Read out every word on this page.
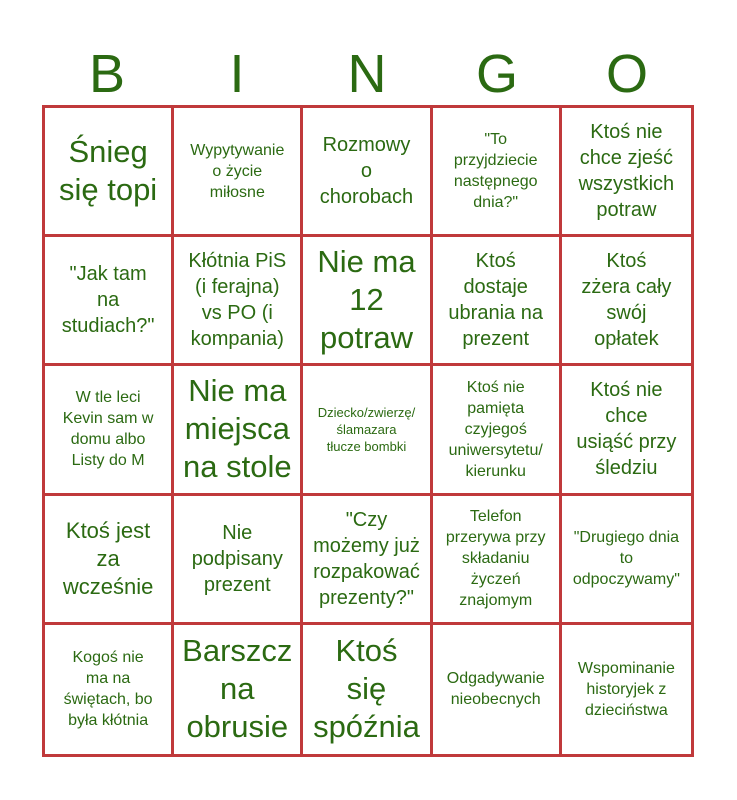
B	I	N	G	O
Śnieg
się topi
Wypytywanie
o życie
miłosne
Rozmowy
o
chorobach
"To
przyjdziecie
następnego
dnia?"
Ktoś nie
chce zjeść
wszystkich
potraw
"Jak tam
na
studiach?"
Kłótnia PiS
(i ferajna)
vs PO (i
kompania)
Nie ma
12
potraw
Ktoś
dostaje
ubrania na
prezent
Ktoś
zżera cały
swój
opłatek
W tle leci
Kevin sam w
domu albo
Listy do M
Nie ma
miejsca
na stole
Dziecko/zwierzę/
ślamazara
tłucze bombki
Ktoś nie
pamięta
czyjegoś
uniwersytetu/
kierunku
Ktoś nie
chce
usiąść przy
śledziu
Ktoś jest
za
wcześnie
Nie
podpisany
prezent
"Czy
możemy już
rozpakować
prezenty?"
Telefon
przerywa przy
składaniu
życzeń
znajomym
"Drugiego dnia
to
odpoczywamy"
Kogoś nie
ma na
świętach, bo
była kłótnia
Barszcz
na
obrusie
Ktoś
się
spóźnia
Odgadywanie
nieobecnych
Wspominanie
historyjek z
dzieciństwa
